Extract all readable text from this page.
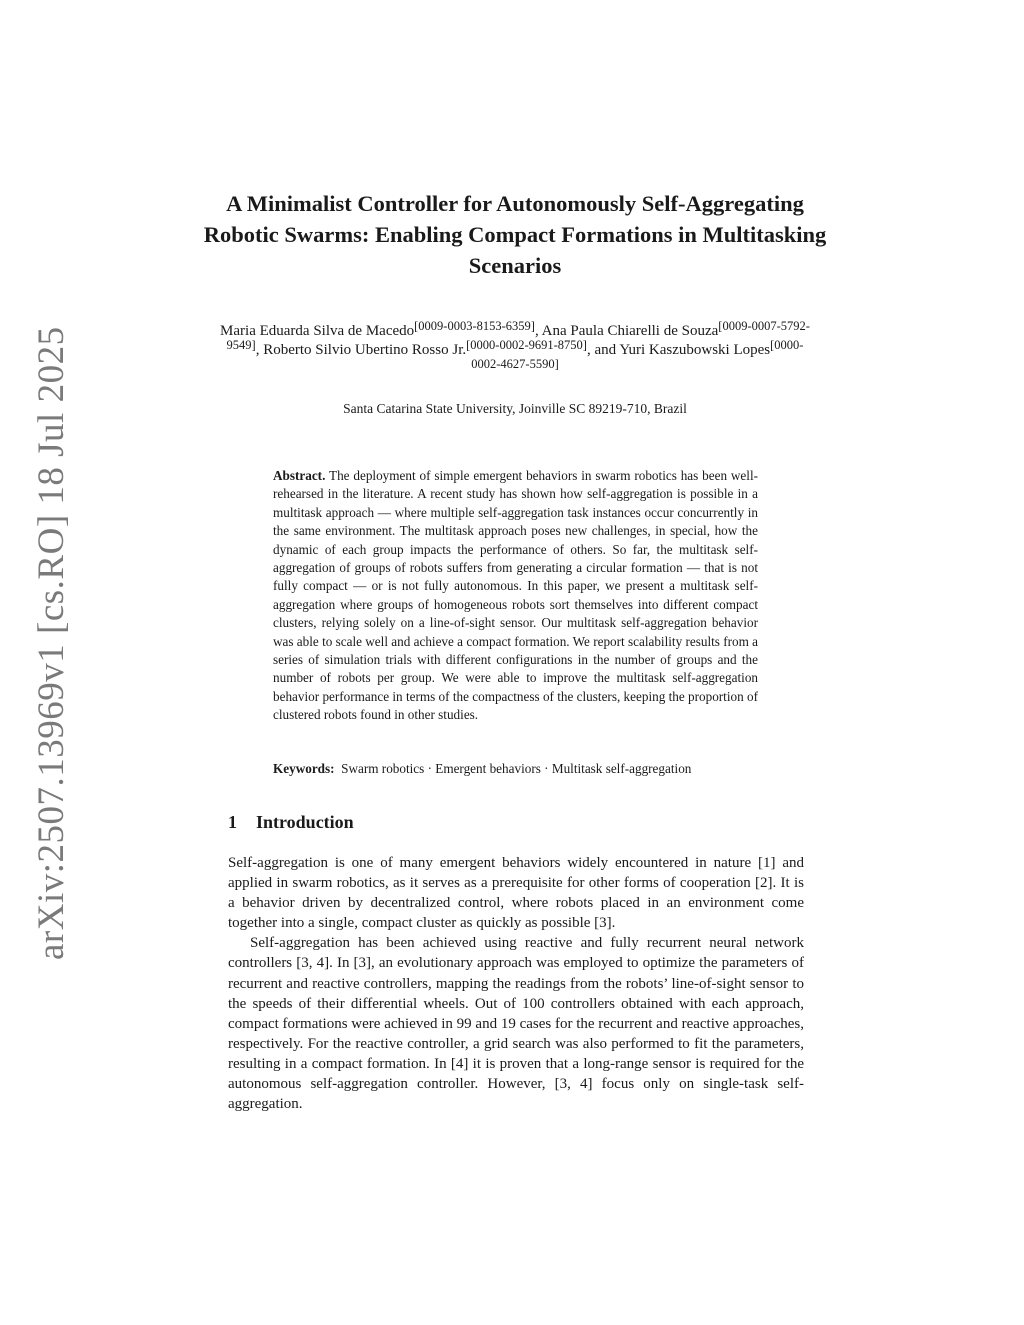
arXiv:2507.13969v1 [cs.RO] 18 Jul 2025
A Minimalist Controller for Autonomously Self-Aggregating Robotic Swarms: Enabling Compact Formations in Multitasking Scenarios
Maria Eduarda Silva de Macedo[0009-0003-8153-6359], Ana Paula Chiarelli de Souza[0009-0007-5792-9549], Roberto Silvio Ubertino Rosso Jr.[0000-0002-9691-8750], and Yuri Kaszubowski Lopes[0000-0002-4627-5590]
Santa Catarina State University, Joinville SC 89219-710, Brazil
Abstract. The deployment of simple emergent behaviors in swarm robotics has been well-rehearsed in the literature. A recent study has shown how self-aggregation is possible in a multitask approach — where multiple self-aggregation task instances occur concurrently in the same environment. The multitask approach poses new challenges, in special, how the dynamic of each group impacts the performance of others. So far, the multitask self-aggregation of groups of robots suffers from generating a circular formation — that is not fully compact — or is not fully autonomous. In this paper, we present a multitask self-aggregation where groups of homogeneous robots sort themselves into different compact clusters, relying solely on a line-of-sight sensor. Our multitask self-aggregation behavior was able to scale well and achieve a compact formation. We report scalability results from a series of simulation trials with different configurations in the number of groups and the number of robots per group. We were able to improve the multitask self-aggregation behavior performance in terms of the compactness of the clusters, keeping the proportion of clustered robots found in other studies.
Keywords: Swarm robotics · Emergent behaviors · Multitask self-aggregation
1 Introduction

Self-aggregation is one of many emergent behaviors widely encountered in nature [1] and applied in swarm robotics, as it serves as a prerequisite for other forms of cooperation [2]. It is a behavior driven by decentralized control, where robots placed in an environment come together into a single, compact cluster as quickly as possible [3].

Self-aggregation has been achieved using reactive and fully recurrent neural network controllers [3, 4]. In [3], an evolutionary approach was employed to optimize the parameters of recurrent and reactive controllers, mapping the readings from the robots’ line-of-sight sensor to the speeds of their differential wheels. Out of 100 controllers obtained with each approach, compact formations were achieved in 99 and 19 cases for the recurrent and reactive approaches, respectively. For the reactive controller, a grid search was also performed to fit the parameters, resulting in a compact formation. In [4] it is proven that a long-range sensor is required for the autonomous self-aggregation controller. However, [3, 4] focus only on single-task self-aggregation.
